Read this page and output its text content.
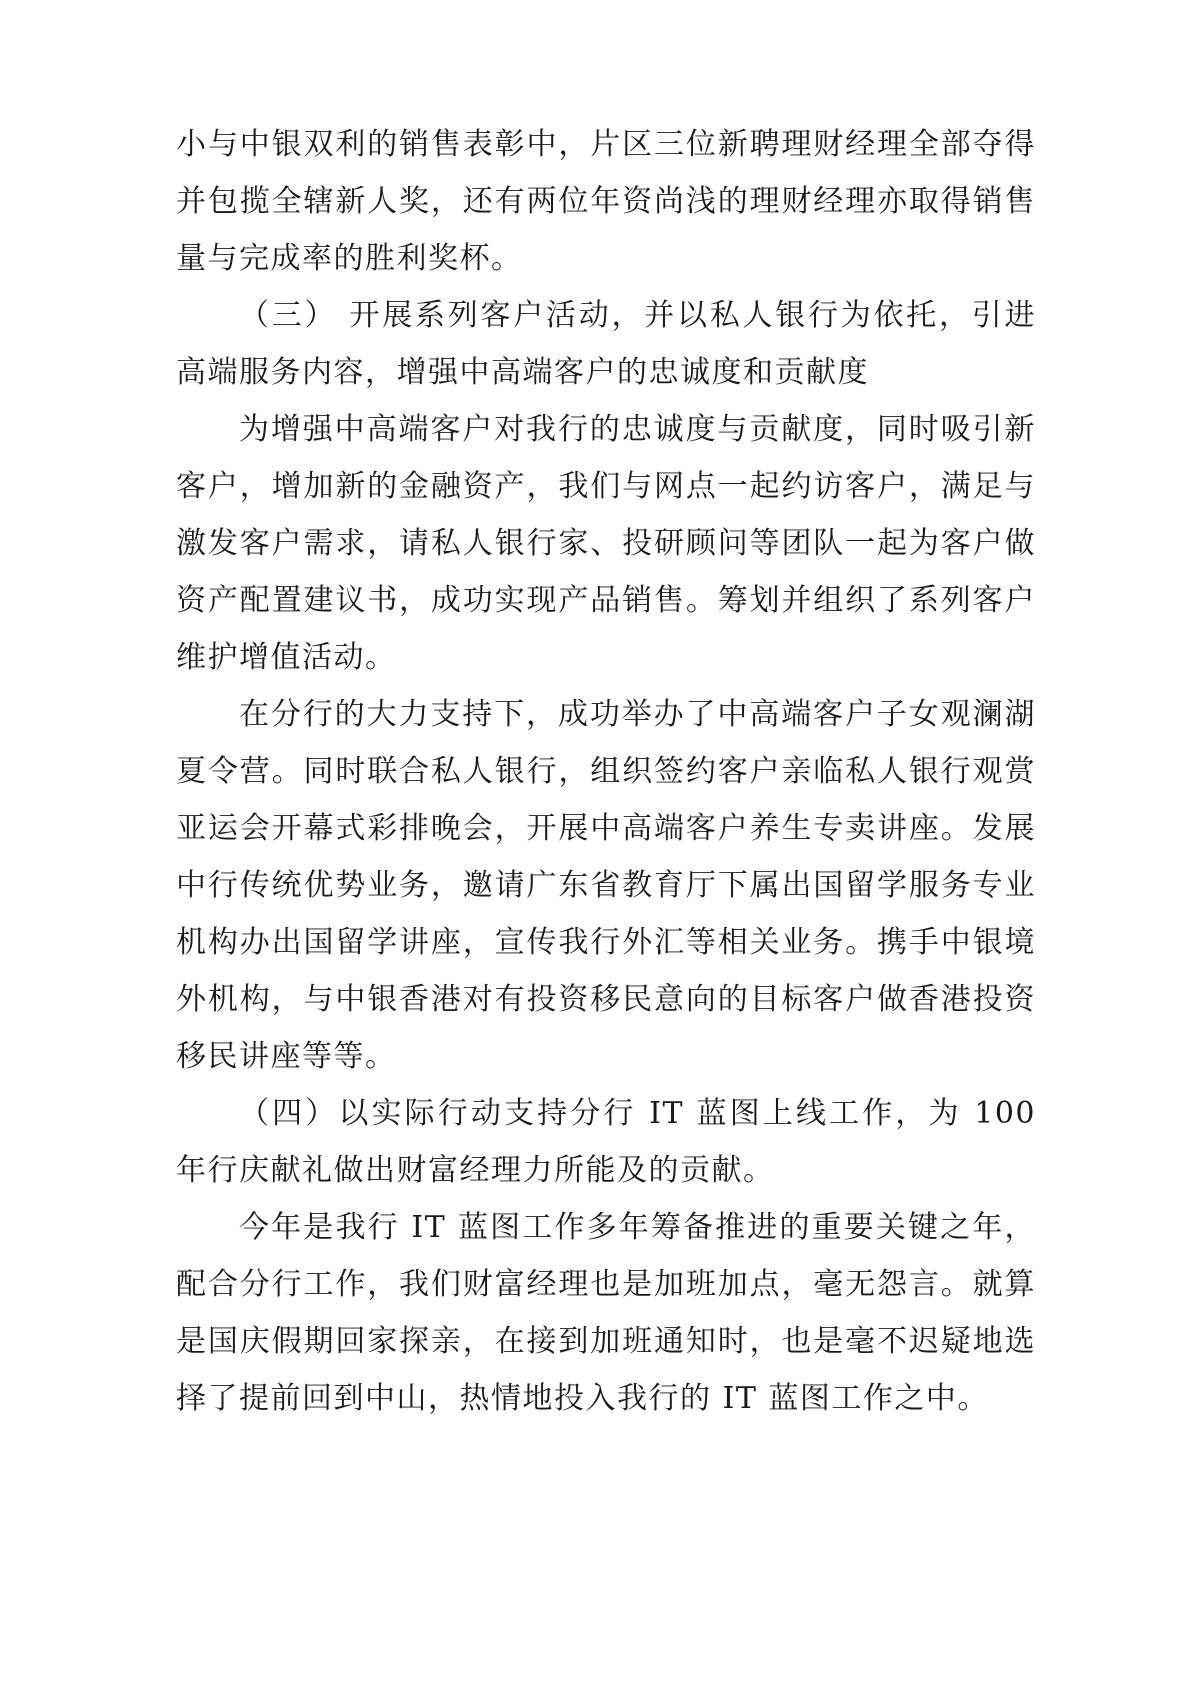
小与中银双利的销售表彰中，片区三位新聘理财经理全部夺得并包揽全辖新人奖，还有两位年资尚浅的理财经理亦取得销售量与完成率的胜利奖杯。

（三） 开展系列客户活动，并以私人银行为依托，引进高端服务内容，增强中高端客户的忠诚度和贡献度

为增强中高端客户对我行的忠诚度与贡献度，同时吸引新客户，增加新的金融资产，我们与网点一起约访客户，满足与激发客户需求，请私人银行家、投研顾问等团队一起为客户做资产配置建议书，成功实现产品销售。筹划并组织了系列客户维护增值活动。

在分行的大力支持下，成功举办了中高端客户子女观澜湖夏令营。同时联合私人银行，组织签约客户亲临私人银行观赏亚运会开幕式彩排晚会，开展中高端客户养生专卖讲座。发展中行传统优势业务，邀请广东省教育厅下属出国留学服务专业机构办出国留学讲座，宣传我行外汇等相关业务。携手中银境外机构，与中银香港对有投资移民意向的目标客户做香港投资移民讲座等等。

（四）以实际行动支持分行 IT 蓝图上线工作，为 100 年行庆献礼做出财富经理力所能及的贡献。

今年是我行 IT 蓝图工作多年筹备推进的重要关键之年，配合分行工作，我们财富经理也是加班加点，毫无怨言。就算是国庆假期回家探亲，在接到加班通知时，也是毫不迟疑地选择了提前回到中山，热情地投入我行的 IT 蓝图工作之中。
